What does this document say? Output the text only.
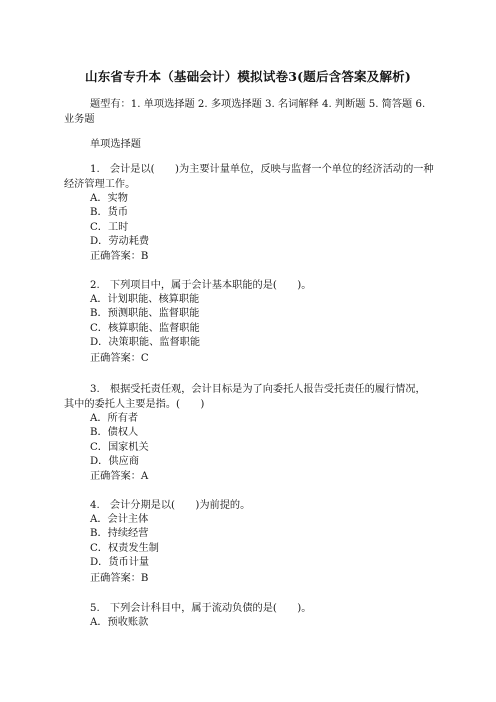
山东省专升本（基础会计）模拟试卷3(题后含答案及解析)
题型有：1. 单项选择题 2. 多项选择题 3. 名词解释 4. 判断题 5. 简答题 6. 业务题
单项选择题

1.　会计是以(　　)为主要计量单位，反映与监督一个单位的经济活动的一种经济管理工作。

A．实物
B．货币
C．工时
D．劳动耗费

正确答案：B

2.　下列项目中，属于会计基本职能的是(　　)。

A．计划职能、核算职能
B．预测职能、监督职能
C．核算职能、监督职能
D．决策职能、监督职能

正确答案：C

3.　根据受托责任观，会计目标是为了向委托人报告受托责任的履行情况，其中的委托人主要是指。(　　)

A．所有者
B．债权人
C．国家机关
D．供应商

正确答案：A

4.　会计分期是以(　　)为前提的。

A．会计主体
B．持续经营
C．权责发生制
D．货币计量

正确答案：B

5.　下列会计科目中，属于流动负债的是(　　)。

A．预收账款
